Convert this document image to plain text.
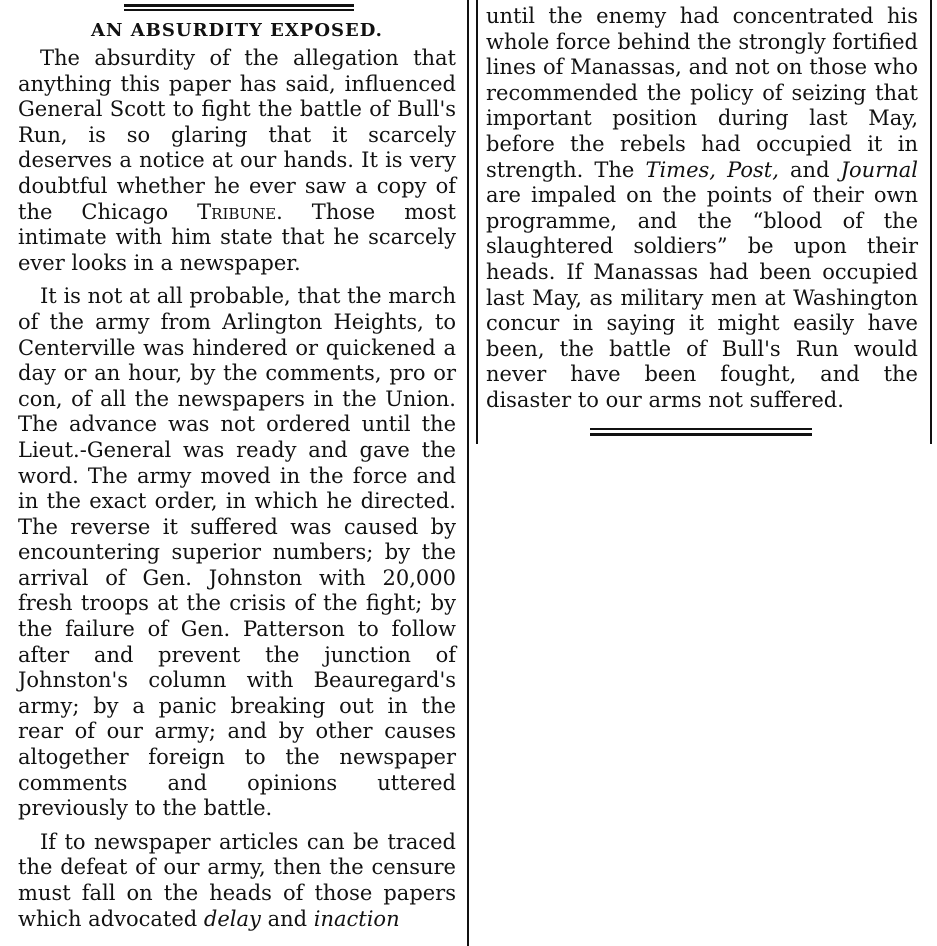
AN ABSURDITY EXPOSED.

The absurdity of the allegation that anything this paper has said, influenced General Scott to fight the battle of Bull's Run, is so glaring that it scarcely deserves a notice at our hands. It is very doubtful whether he ever saw a copy of the Chicago Tribune. Those most intimate with him state that he scarcely ever looks in a newspaper.

It is not at all probable, that the march of the army from Arlington Heights, to Centerville was hindered or quickened a day or an hour, by the comments, pro or con, of all the newspapers in the Union. The advance was not ordered until the Lieut.-General was ready and gave the word. The army moved in the force and in the exact order, in which he directed. The reverse it suffered was caused by encountering superior numbers; by the arrival of Gen. Johnston with 20,000 fresh troops at the crisis of the fight; by the failure of Gen. Patterson to follow after and prevent the junction of Johnston's column with Beauregard's army; by a panic breaking out in the rear of our army; and by other causes altogether foreign to the newspaper comments and opinions uttered previously to the battle.

If to newspaper articles can be traced the defeat of our army, then the censure must fall on the heads of those papers which advocated delay and inaction

until the enemy had concentrated his whole force behind the strongly fortified lines of Manassas, and not on those who recommended the policy of seizing that important position during last May, before the rebels had occupied it in strength. The Times, Post, and Journal are impaled on the points of their own programme, and the “blood of the slaughtered soldiers” be upon their heads. If Manassas had been occupied last May, as military men at Washington concur in saying it might easily have been, the battle of Bull's Run would never have been fought, and the disaster to our arms not suffered.
